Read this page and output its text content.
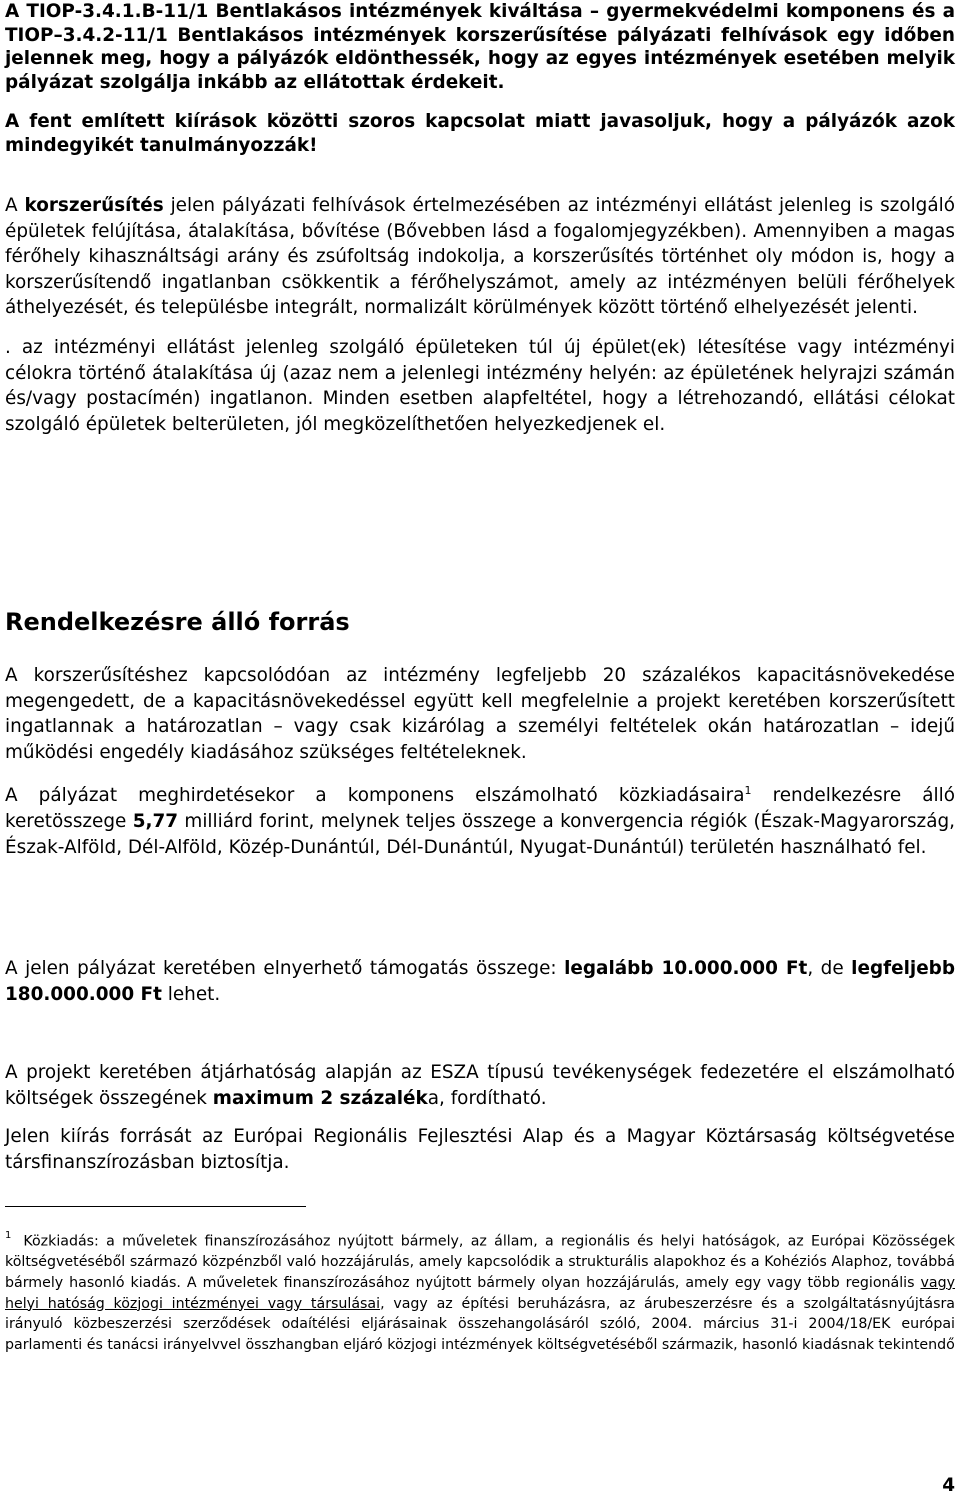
A TIOP-3.4.1.B-11/1 Bentlakásos intézmények kiváltása – gyermekvédelmi komponens és a TIOP–3.4.2-11/1 Bentlakásos intézmények korszerűsítése pályázati felhívások egy időben jelennek meg, hogy a pályázók eldönthessék, hogy az egyes intézmények esetében melyik pályázat szolgálja inkább az ellátottak érdekeit.

A fent említett kiírások közötti szoros kapcsolat miatt javasoljuk, hogy a pályázók azok mindegyikét tanulmányozzák!

A korszerűsítés jelen pályázati felhívások értelmezésében az intézményi ellátást jelenleg is szolgáló épületek felújítása, átalakítása, bővítése (Bővebben lásd a fogalomjegyzékben). Amennyiben a magas férőhely kihasználtsági arány és zsúfoltság indokolja, a korszerűsítés történhet oly módon is, hogy a korszerűsítendő ingatlanban csökkentik a férőhelyszámot, amely az intézményen belüli férőhelyek áthelyezését, és településbe integrált, normalizált körülmények között történő elhelyezését jelenti.

. az intézményi ellátást jelenleg szolgáló épületeken túl új épület(ek) létesítése vagy intézményi célokra történő átalakítása új (azaz nem a jelenlegi intézmény helyén: az épületének helyrajzi számán és/vagy postacímén) ingatlanon. Minden esetben alapfeltétel, hogy a létrehozandó, ellátási célokat szolgáló épületek belterületen, jól megközelíthetően helyezkedjenek el.

Rendelkezésre álló forrás

A korszerűsítéshez kapcsolódóan az intézmény legfeljebb 20 százalékos kapacitásnövekedése megengedett, de a kapacitásnövekedéssel együtt kell megfelelnie a projekt keretében korszerűsített ingatlannak a határozatlan – vagy csak kizárólag a személyi feltételek okán határozatlan – idejű működési engedély kiadásához szükséges feltételeknek.

A pályázat meghirdetésekor a komponens elszámolható közkiadásaira$^1$ rendelkezésre álló keretösszege 5,77 milliárd forint, melynek teljes összege a konvergencia régiók (Észak-Magyarország, Észak-Alföld, Dél-Alföld, Közép-Dunántúl, Dél-Dunántúl, Nyugat-Dunántúl) területén használható fel.

A jelen pályázat keretében elnyerhető támogatás összege: legalább 10.000.000 Ft, de legfeljebb 180.000.000 Ft lehet.

A projekt keretében átjárhatóság alapján az ESZA típusú tevékenységek fedezetére el elszámolható költségek összegének maximum 2 százaléka, fordítható.

Jelen kiírás forrását az Európai Regionális Fejlesztési Alap és a Magyar Köztársaság költségvetése társfinanszírozásban biztosítja.

$^1$ Közkiadás: a műveletek finanszírozásához nyújtott bármely, az állam, a regionális és helyi hatóságok, az Európai Közösségek költségvetéséből származó közpénzből való hozzájárulás, amely kapcsolódik a strukturális alapokhoz és a Kohéziós Alaphoz, továbbá bármely hasonló kiadás. A műveletek finanszírozásához nyújtott bármely olyan hozzájárulás, amely egy vagy több regionális vagy helyi hatóság közjogi intézményei vagy társulásai, vagy az építési beruházásra, az árubeszerzésre és a szolgáltatásnyújtásra irányuló közbeszerzési szerződések odaítélési eljárásainak összehangolásáról szóló, 2004. március 31-i 2004/18/EK európai parlamenti és tanácsi irányelvvel összhangban eljáró közjogi intézmények költségvetéséből származik, hasonló kiadásnak tekintendő

4
